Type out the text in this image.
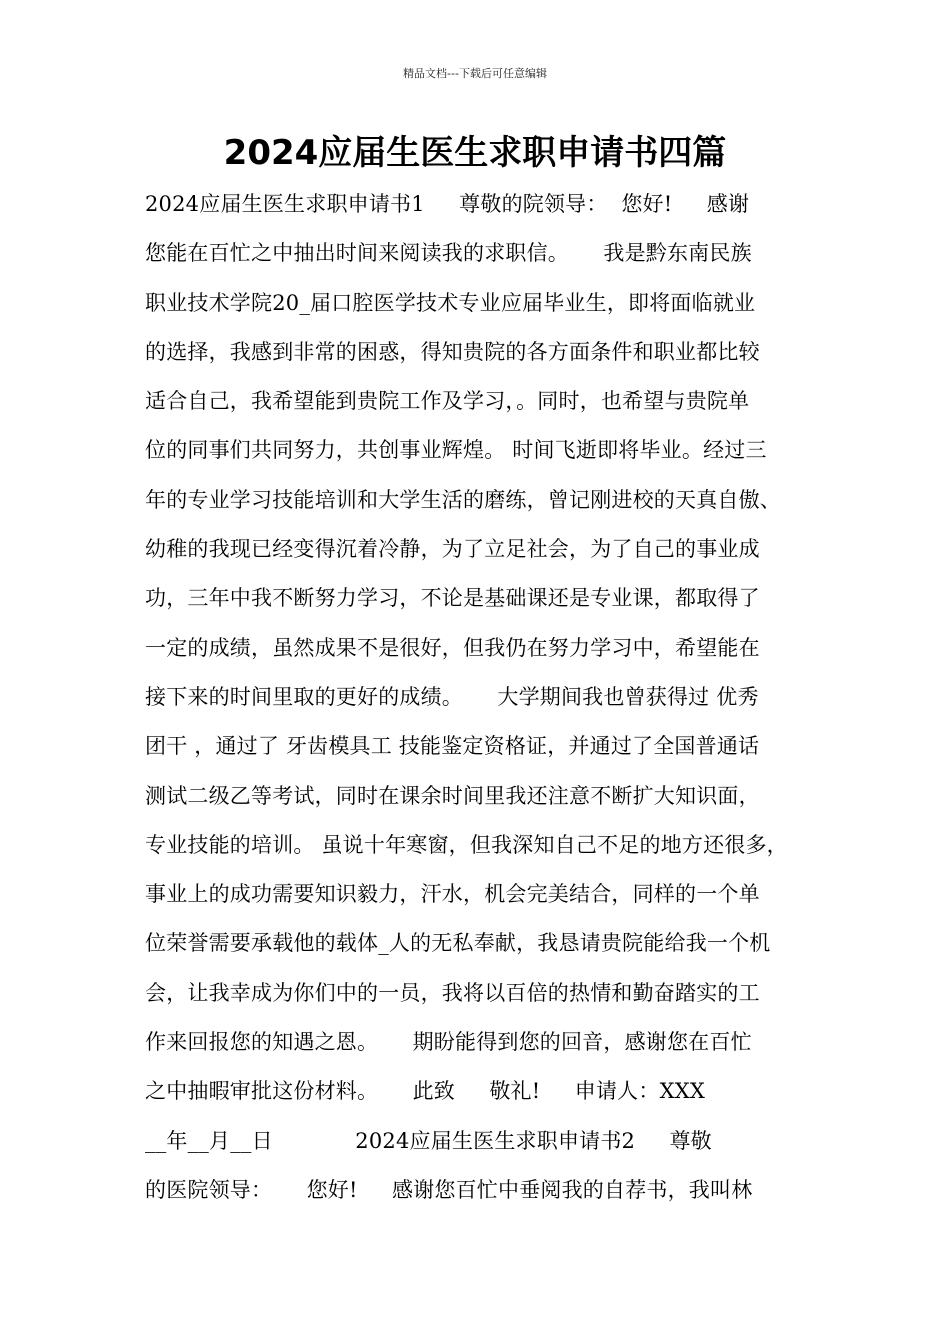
精品文档---下载后可任意编辑
2024应届生医生求职申请书四篇
2024应届生医生求职申请书1     尊敬的院领导：  您好!     感谢
您能在百忙之中抽出时间来阅读我的求职信。     我是黔东南民族
职业技术学院20_届口腔医学技术专业应届毕业生，即将面临就业
的选择，我感到非常的困惑，得知贵院的各方面条件和职业都比较
适合自己，我希望能到贵院工作及学习，。同时，也希望与贵院单
位的同事们共同努力，共创事业辉煌。 时间飞逝即将毕业。经过三
年的专业学习技能培训和大学生活的磨练，曾记刚进校的天真自傲、
幼稚的我现已经变得沉着冷静，为了立足社会，为了自己的事业成
功，三年中我不断努力学习，不论是基础课还是专业课，都取得了
一定的成绩，虽然成果不是很好，但我仍在努力学习中，希望能在
接下来的时间里取的更好的成绩。     大学期间我也曾获得过 优秀
团干 ，通过了 牙齿模具工 技能鉴定资格证，并通过了全国普通话
测试二级乙等考试，同时在课余时间里我还注意不断扩大知识面，
专业技能的培训。 虽说十年寒窗，但我深知自己不足的地方还很多，
事业上的成功需要知识毅力，汗水，机会完美结合，同样的一个单
位荣誉需要承载他的载体_人的无私奉献，我恳请贵院能给我一个机
会，让我幸成为你们中的一员，我将以百倍的热情和勤奋踏实的工
作来回报您的知遇之恩。     期盼能得到您的回音，感谢您在百忙
之中抽暇审批这份材料。     此致     敬礼!     申请人：XXX
__年__月__日            2024应届生医生求职申请书2     尊敬
的医院领导：     您好!     感谢您百忙中垂阅我的自荐书，我叫林
